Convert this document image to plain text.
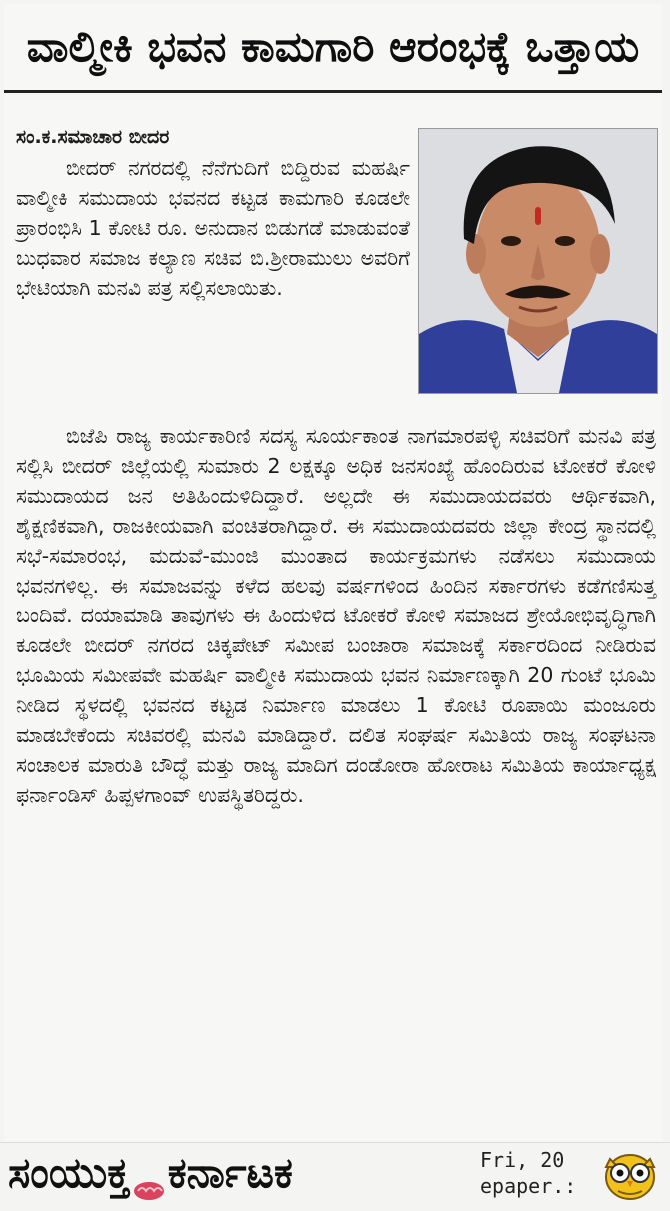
ವಾಲ್ಮೀಕಿ ಭವನ ಕಾಮಗಾರಿ ಆರಂಭಕ್ಕೆ ಒತ್ತಾಯ
ಸಂ.ಕ.ಸಮಾಚಾರ ಬೀದರ
ಬೀದರ್ ನಗರದಲ್ಲಿ ನೆನೆಗುದಿಗೆ ಬಿದ್ದಿರುವ ಮಹರ್ಷಿ ವಾಲ್ಮೀಕಿ ಸಮುದಾಯ ಭವನದ ಕಟ್ಟಡ ಕಾಮಗಾರಿ ಕೂಡಲೇ ಪ್ರಾರಂಭಿಸಿ 1 ಕೋಟಿ ರೂ. ಅನುದಾನ ಬಿಡುಗಡೆ ಮಾಡುವಂತೆ ಬುಧವಾರ ಸಮಾಜ ಕಲ್ಯಾಣ ಸಚಿವ ಬಿ.ಶ್ರೀರಾಮುಲು ಅವರಿಗೆ ಭೇಟಿಯಾಗಿ ಮನವಿ ಪತ್ರ ಸಲ್ಲಿಸಲಾಯಿತು.
ಬಿಜೆಪಿ ರಾಜ್ಯ ಕಾರ್ಯಕಾರಿಣಿ ಸದಸ್ಯ ಸೂರ್ಯಕಾಂತ ನಾಗಮಾರಪಳ್ಳಿ ಸಚಿವರಿಗೆ ಮನವಿ ಪತ್ರ ಸಲ್ಲಿಸಿ ಬೀದರ್ ಜಿಲ್ಲೆಯಲ್ಲಿ ಸುಮಾರು 2 ಲಕ್ಷಕ್ಕೂ ಅಧಿಕ ಜನಸಂಖ್ಯೆ ಹೊಂದಿರುವ ಟೋಕರೆ ಕೋಳಿ ಸಮುದಾಯದ ಜನ ಅತಿಹಿಂದುಳಿದಿದ್ದಾರೆ. ಅಲ್ಲದೇ ಈ ಸಮುದಾಯದವರು ಆರ್ಥಿಕವಾಗಿ, ಶೈಕ್ಷಣಿಕವಾಗಿ, ರಾಜಕೀಯವಾಗಿ ವಂಚಿತರಾಗಿದ್ದಾರೆ. ಈ ಸಮುದಾಯದವರು ಜಿಲ್ಲಾ ಕೇಂದ್ರ ಸ್ಥಾನದಲ್ಲಿ ಸಭೆ-ಸಮಾರಂಭ, ಮದುವೆ-ಮುಂಜಿ ಮುಂತಾದ ಕಾರ್ಯಕ್ರಮಗಳು ನಡೆಸಲು ಸಮುದಾಯ ಭವನಗಳಿಲ್ಲ. ಈ ಸಮಾಜವನ್ನು ಕಳೆದ ಹಲವು ವರ್ಷಗಳಿಂದ ಹಿಂದಿನ ಸರ್ಕಾರಗಳು ಕಡೆಗಣಿಸುತ್ತ ಬಂದಿವೆ. ದಯಾಮಾಡಿ ತಾವುಗಳು ಈ ಹಿಂದುಳಿದ ಟೋಕರೆ ಕೋಳಿ ಸಮಾಜದ ಶ್ರೇಯೋಭಿವೃದ್ಧಿಗಾಗಿ ಕೂಡಲೇ ಬೀದರ್ ನಗರದ ಚಿಕ್ಕಪೇಟ್ ಸಮೀಪ ಬಂಜಾರಾ ಸಮಾಜಕ್ಕೆ ಸರ್ಕಾರದಿಂದ ನೀಡಿರುವ ಭೂಮಿಯ ಸಮೀಪವೇ ಮಹರ್ಷಿ ವಾಲ್ಮೀಕಿ ಸಮುದಾಯ ಭವನ ನಿರ್ಮಾಣಕ್ಕಾಗಿ 20 ಗುಂಟೆ ಭೂಮಿ ನೀಡಿದ ಸ್ಥಳದಲ್ಲಿ ಭವನದ ಕಟ್ಟಡ ನಿರ್ಮಾಣ ಮಾಡಲು 1 ಕೋಟಿ ರೂಪಾಯಿ ಮಂಜೂರು ಮಾಡಬೇಕೆಂದು ಸಚಿವರಲ್ಲಿ ಮನವಿ ಮಾಡಿದ್ದಾರೆ. ದಲಿತ ಸಂಘರ್ಷ ಸಮಿತಿಯ ರಾಜ್ಯ ಸಂಘಟನಾ ಸಂಚಾಲಕ ಮಾರುತಿ ಬೌದ್ಧೆ ಮತ್ತು ರಾಜ್ಯ ಮಾದಿಗ ದಂಡೋರಾ ಹೋರಾಟ ಸಮಿತಿಯ ಕಾರ್ಯಾಧ್ಯಕ್ಷ ಫರ್ನಾಂಡಿಸ್ ಹಿಪ್ಪಳಗಾಂವ್ ಉಪಸ್ಥಿತರಿದ್ದರು.
ಸಂಯುಕ್ತ ಕರ್ನಾಟಕ	Fri, 20
epaper.:
